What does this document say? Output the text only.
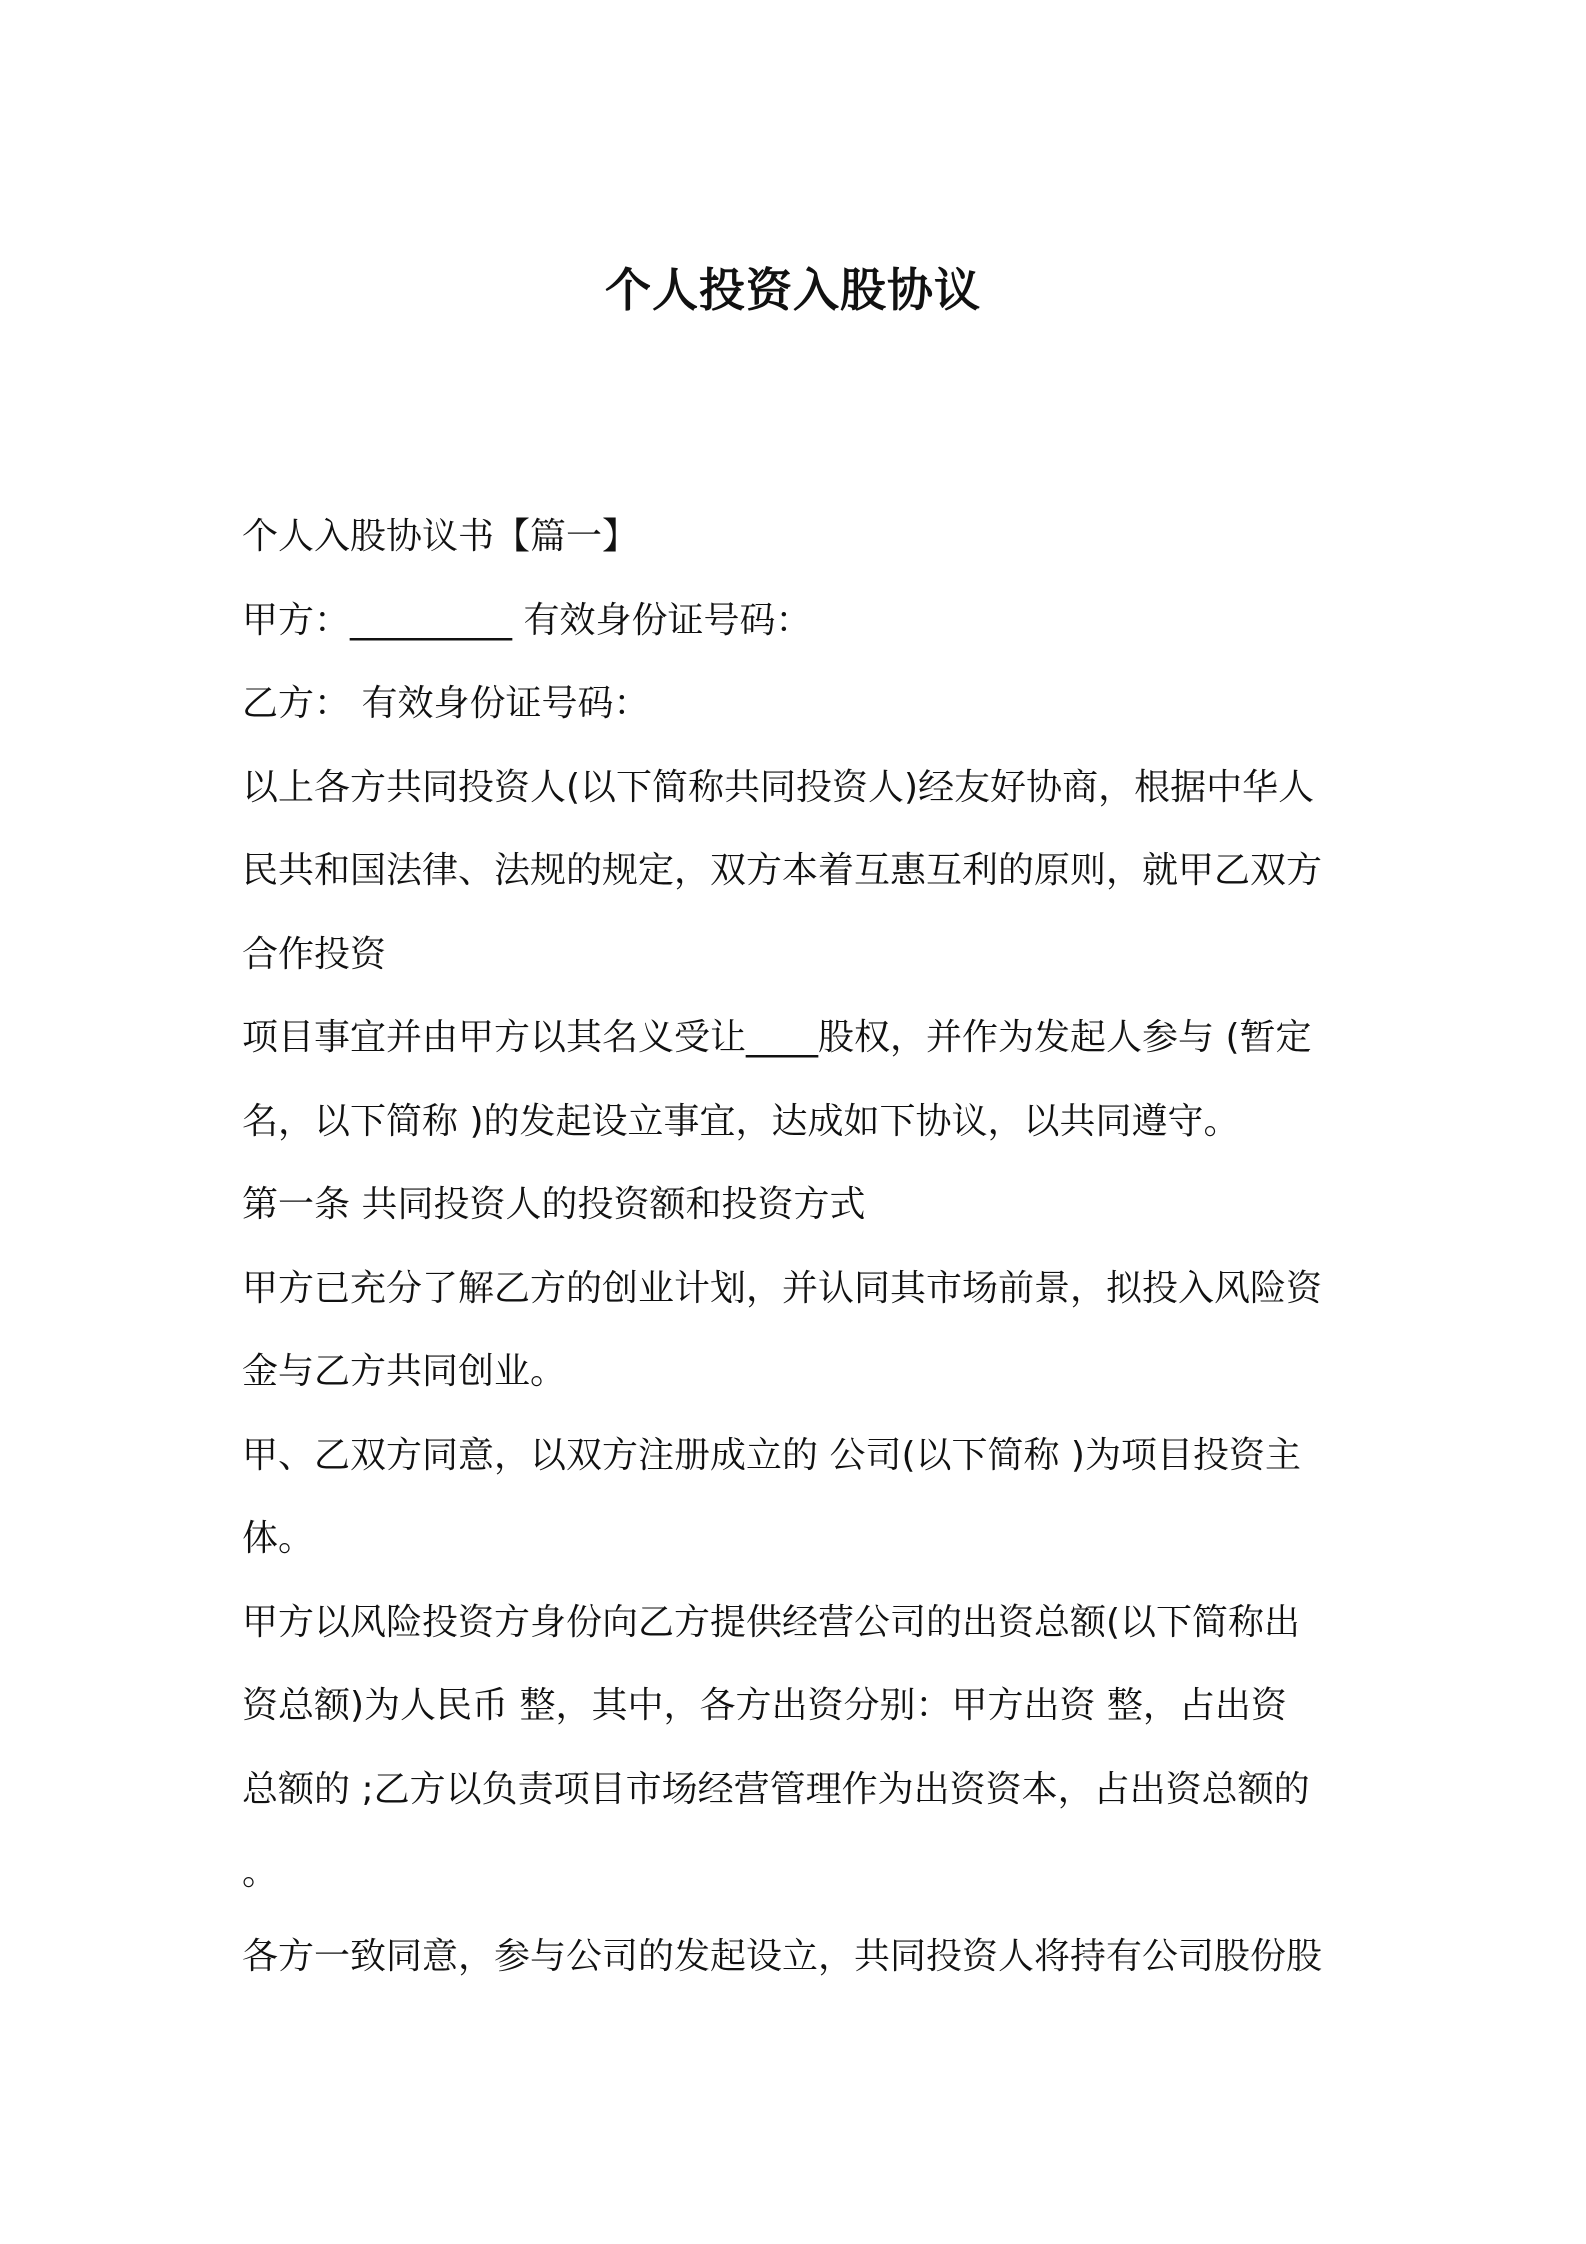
个人投资入股协议

个人入股协议书【篇一】

甲方：_________ 有效身份证号码：

乙方： 有效身份证号码：

以上各方共同投资人(以下简称共同投资人)经友好协商，根据中华人

民共和国法律、法规的规定，双方本着互惠互利的原则，就甲乙双方

合作投资

项目事宜并由甲方以其名义受让____股权，并作为发起人参与 (暂定

名，以下简称 )的发起设立事宜，达成如下协议，以共同遵守。

第一条 共同投资人的投资额和投资方式

甲方已充分了解乙方的创业计划，并认同其市场前景，拟投入风险资

金与乙方共同创业。

甲、乙双方同意，以双方注册成立的 公司(以下简称 )为项目投资主

体。

甲方以风险投资方身份向乙方提供经营公司的出资总额(以下简称出

资总额)为人民币 整，其中，各方出资分别：甲方出资 整，占出资

总额的 ;乙方以负责项目市场经营管理作为出资资本，占出资总额的

。

各方一致同意，参与公司的发起设立，共同投资人将持有公司股份股
